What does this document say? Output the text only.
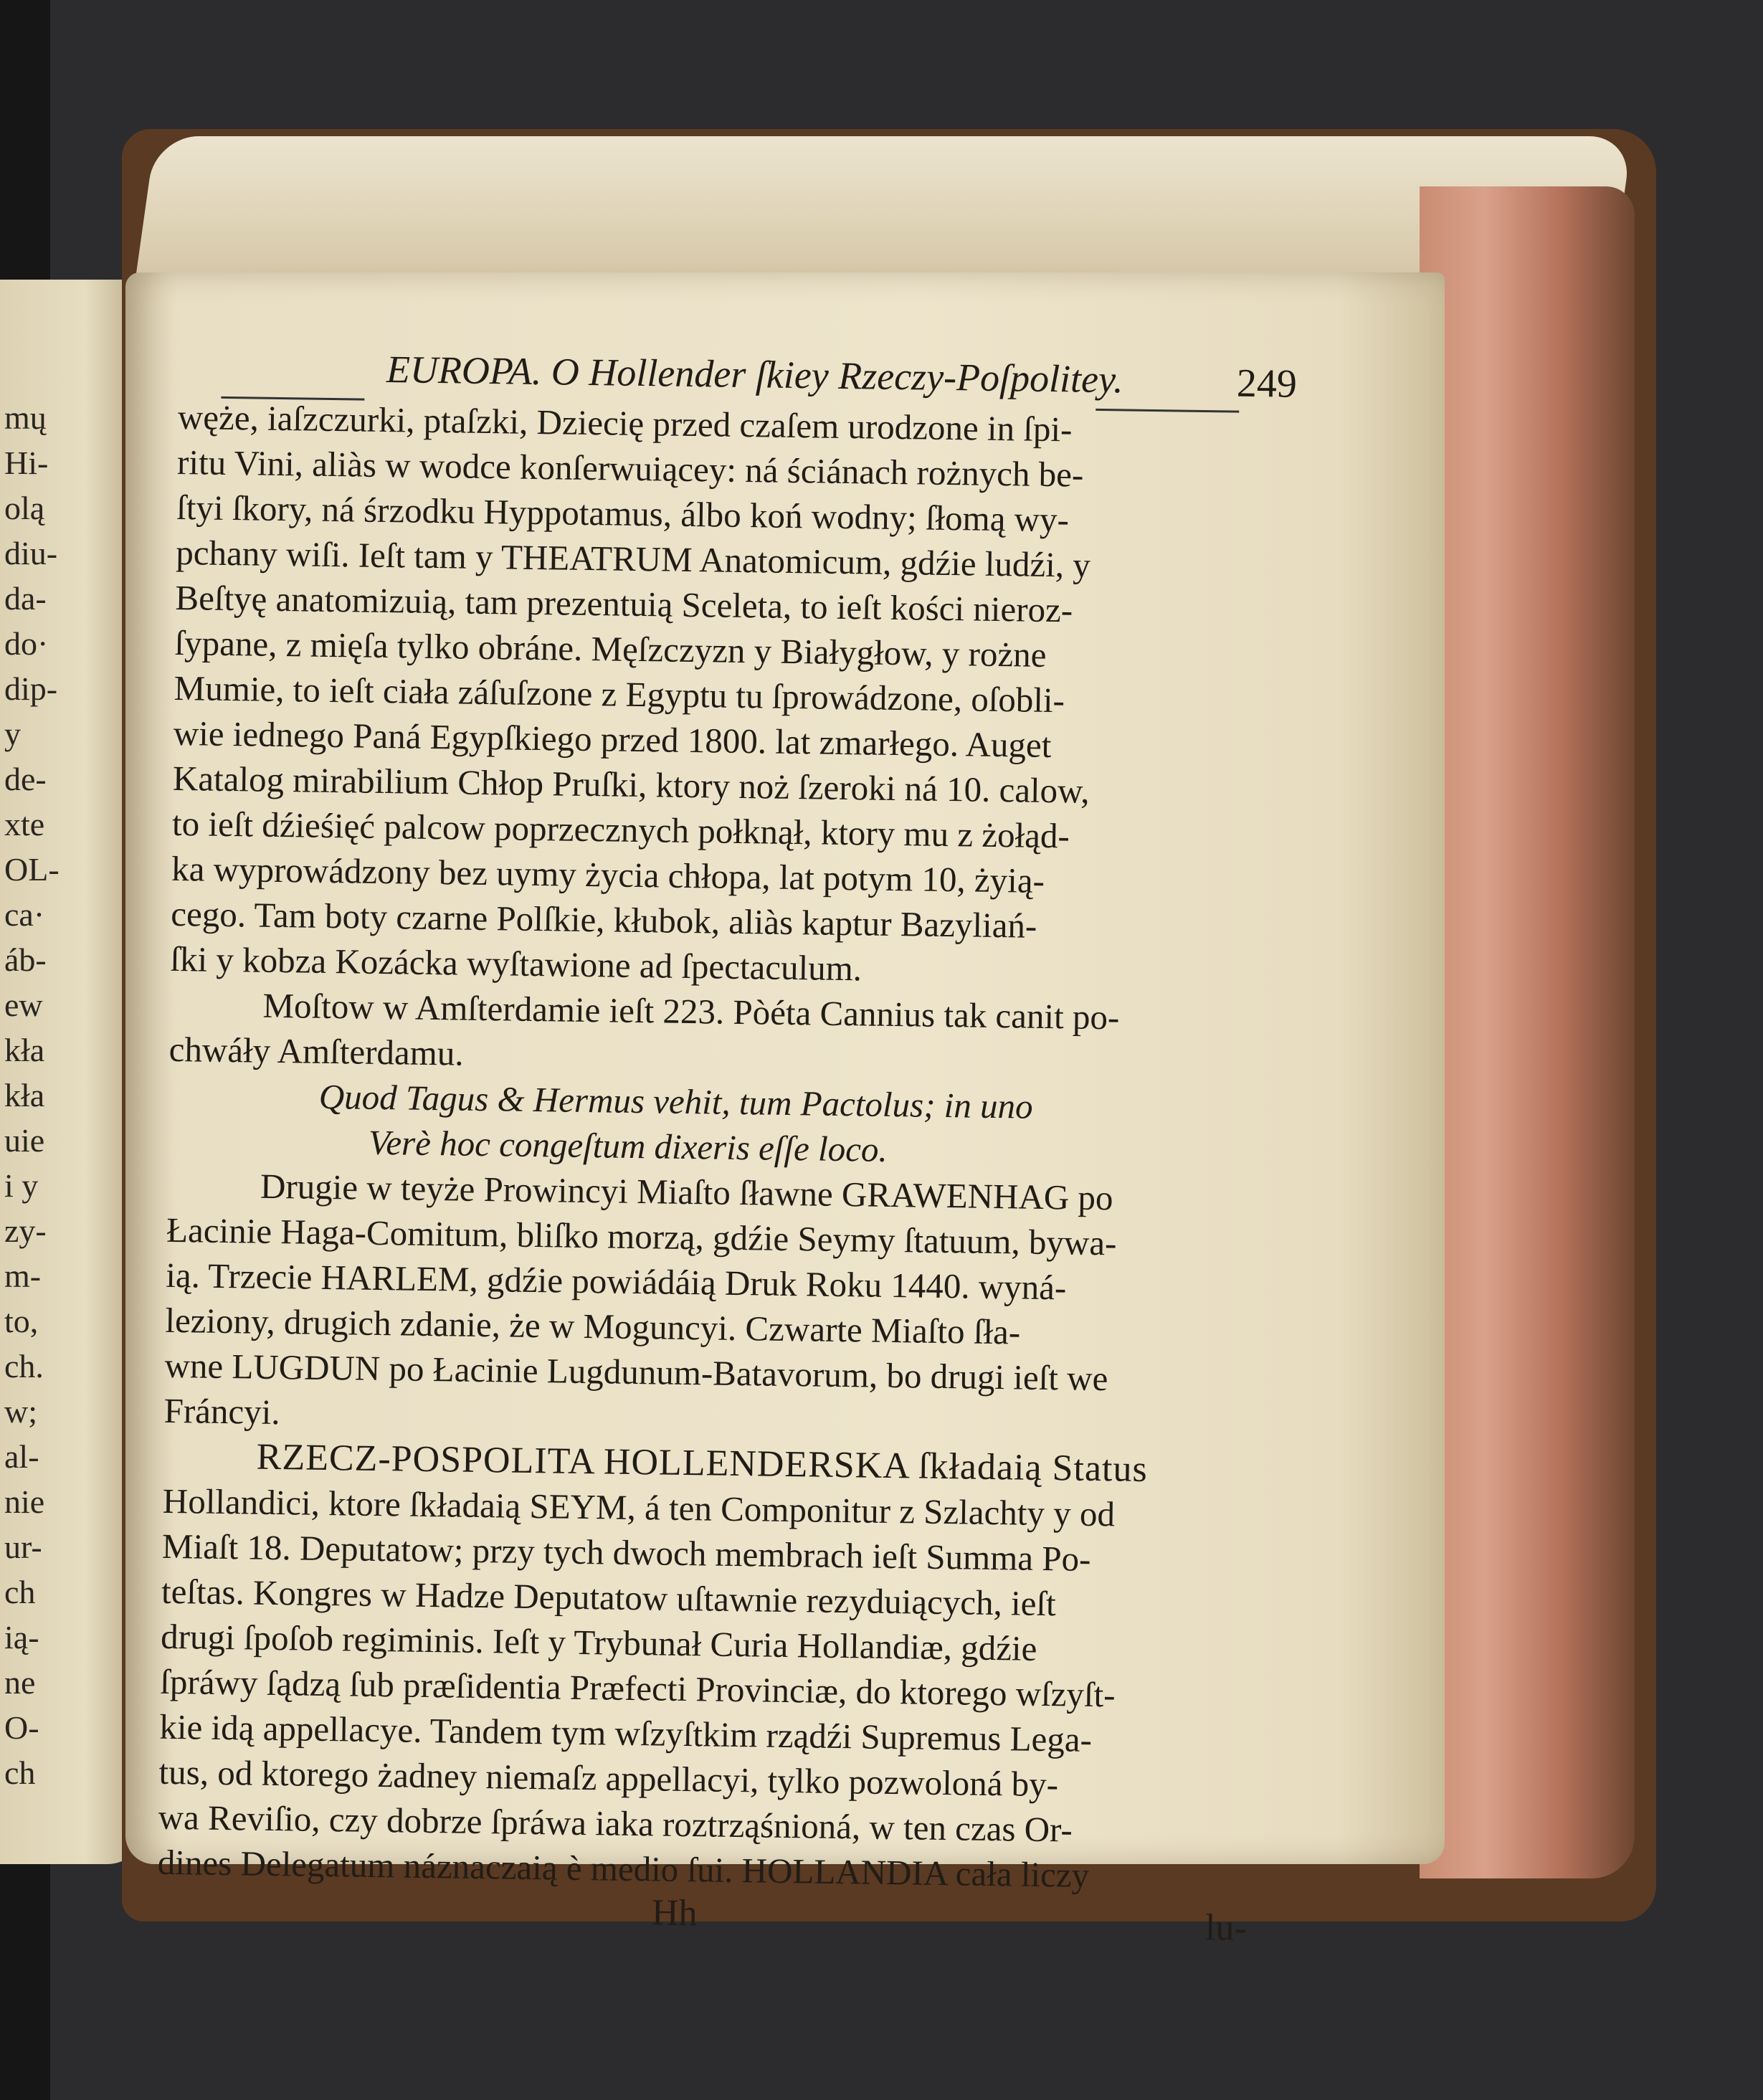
mų
Hi-
olą
diu-
da-
do·
dip-
y
de-
xte
OL-
ca·
áb-
ew
kła
kła
uie
i y
zy-
m-
to,
ch.
w;
al-
nie
ur-
ch
ią-
ne
O-
ch
EUROPA. O Hollender ſkiey Rzeczy-Poſpolitey.	249
węże, iaſzczurki, ptaſzki, Dziecię przed czaſem urodzone in ſpi-
ritu Vini, aliàs w wodce konſerwuiącey: ná ściánach rożnych be-
ſtyi ſkory, ná śrzodku Hyppotamus, álbo koń wodny; ſłomą wy-
pchany wiſi. Ieſt tam y THEATRUM Anatomicum, gdźie ludźi, y
Beſtyę anatomizuią, tam prezentuią Sceleta, to ieſt kości nieroz-
ſypane, z mięſa tylko obráne. Męſzczyzn y Białygłow, y rożne
Mumie, to ieſt ciała záſuſzone z Egyptu tu ſprowádzone, oſobli-
wie iednego Paná Egypſkiego przed 1800. lat zmarłego. Auget
Katalog mirabilium Chłop Pruſki, ktory noż ſzeroki ná 10. calow,
to ieſt dźieśięć palcow poprzecznych połknął, ktory mu z żołąd-
ka wyprowádzony bez uymy życia chłopa, lat potym 10, żyią-
cego. Tam boty czarne Polſkie, kłubok, aliàs kaptur Bazyliań-
ſki y kobza Kozácka wyſtawione ad ſpectaculum.
Moſtow w Amſterdamie ieſt 223. Pòéta Cannius tak canit po-
chwáły Amſterdamu.
Quod Tagus & Hermus vehit, tum Pactolus; in uno
Verè hoc congeſtum dixeris eſſe loco.
Drugie w teyże Prowincyi Miaſto ſławne GRAWENHAG po
Łacinie Haga-Comitum, bliſko morzą, gdźie Seymy ſtatuum, bywa-
ią. Trzecie HARLEM, gdźie powiádáią Druk Roku 1440. wyná-
leziony, drugich zdanie, że w Moguncyi. Czwarte Miaſto ſła-
wne LUGDUN po Łacinie Lugdunum-Batavorum, bo drugi ieſt we
Fráncyi.
RZECZ-POSPOLITA HOLLENDERSKA ſkładaią Status
Hollandici, ktore ſkładaią SEYM, á ten Componitur z Szlachty y od
Miaſt 18. Deputatow; przy tych dwoch membrach ieſt Summa Po-
teſtas. Kongres w Hadze Deputatow uſtawnie rezyduiących, ieſt
drugi ſpoſob regiminis. Ieſt y Trybunał Curia Hollandiæ, gdźie
ſpráwy ſądzą ſub præſidentia Præfecti Provinciæ, do ktorego wſzyſt-
kie idą appellacye. Tandem tym wſzyſtkim rządźi Supremus Lega-
tus, od ktorego żadney niemaſz appellacyi, tylko pozwoloná by-
wa Reviſio, czy dobrze ſpráwa iaka roztrząśnioná, w ten czas Or-
dines Delegatum náznaczaią è medio ſui. HOLLANDIA cała liczy
Hh	lu-
